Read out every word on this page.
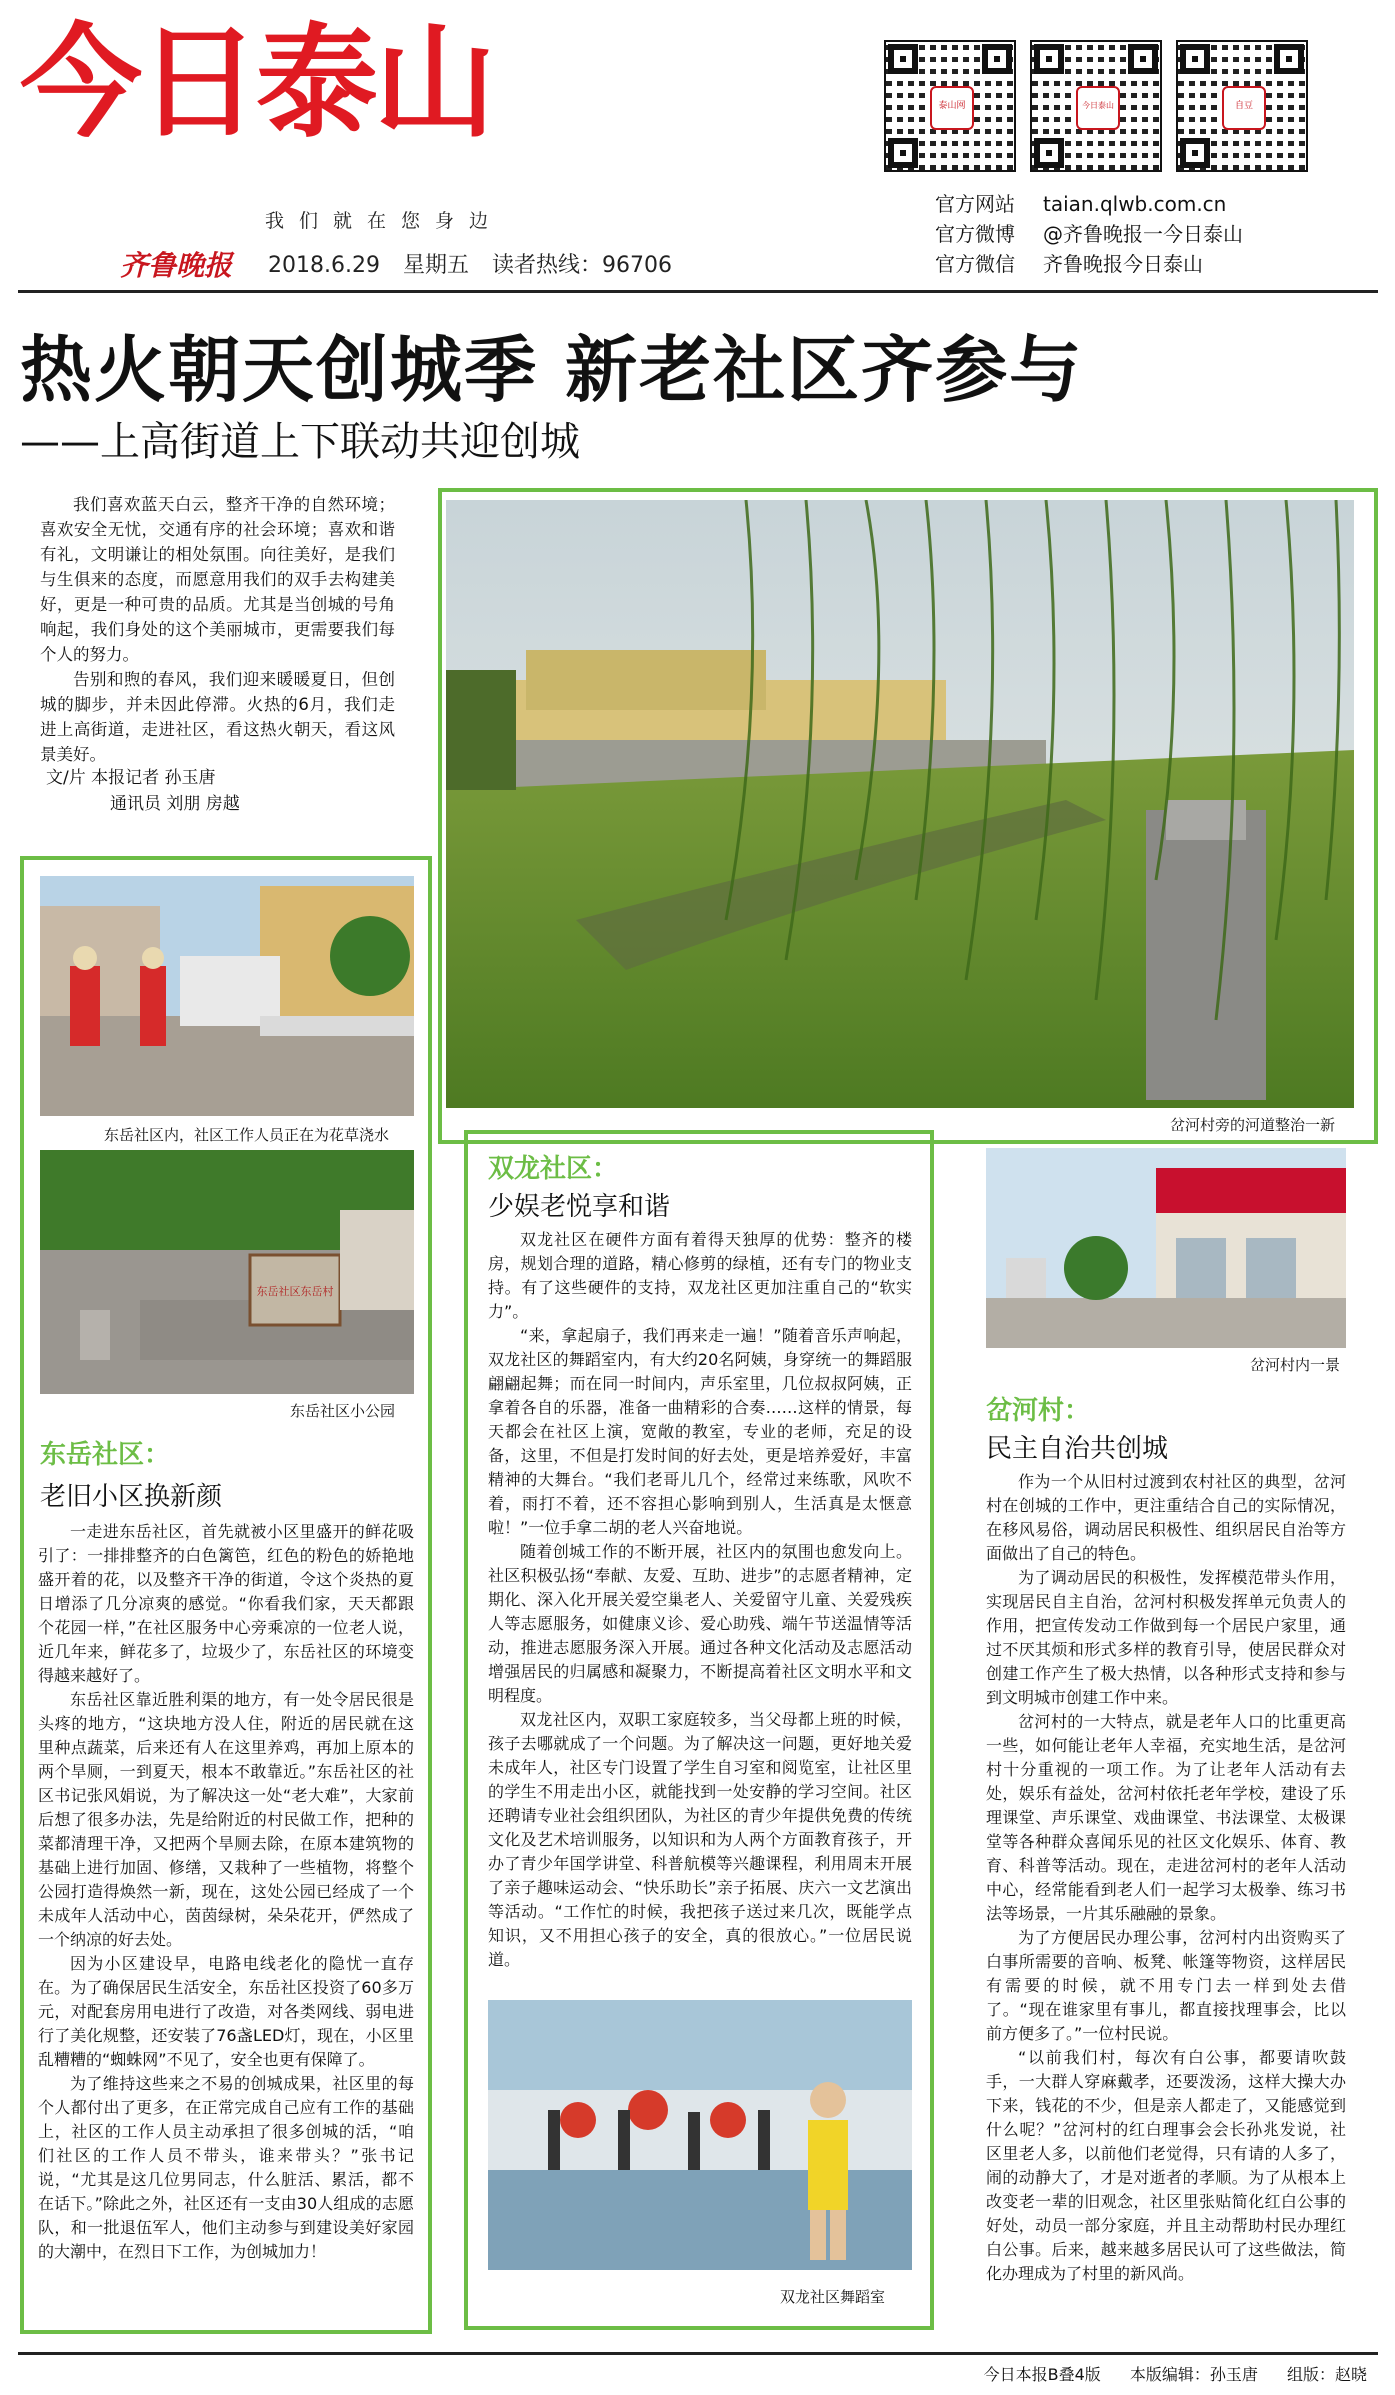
今日泰山
我们就在您身边
齐鲁晚报 2018.6.29 星期五 读者热线：96706
泰山网	今日泰山	自豆
官方网站 taian.qlwb.com.cn
官方微博 @齐鲁晚报一今日泰山
官方微信 齐鲁晚报今日泰山
热火朝天创城季 新老社区齐参与
——上高街道上下联动共迎创城

我们喜欢蓝天白云，整齐干净的自然环境；喜欢安全无忧，交通有序的社会环境；喜欢和谐有礼，文明谦让的相处氛围。向往美好，是我们与生俱来的态度，而愿意用我们的双手去构建美好，更是一种可贵的品质。尤其是当创城的号角响起，我们身处的这个美丽城市，更需要我们每个人的努力。

告别和煦的春风，我们迎来暖暖夏日，但创城的脚步，并未因此停滞。火热的6月，我们走进上高街道，走进社区，看这热火朝天，看这风景美好。

文/片 本报记者 孙玉唐
通讯员 刘朋 房越
岔河村旁的河道整治一新
东岳社区内，社区工作人员正在为花草浇水
东岳社区东岳村
东岳社区小公园
东岳社区：
老旧小区换新颜

一走进东岳社区，首先就被小区里盛开的鲜花吸引了：一排排整齐的白色篱笆，红色的粉色的娇艳地盛开着的花，以及整齐干净的街道，令这个炎热的夏日增添了几分凉爽的感觉。“你看我们家，天天都跟个花园一样，”在社区服务中心旁乘凉的一位老人说，近几年来，鲜花多了，垃圾少了，东岳社区的环境变得越来越好了。

东岳社区靠近胜利渠的地方，有一处令居民很是头疼的地方，“这块地方没人住，附近的居民就在这里种点蔬菜，后来还有人在这里养鸡，再加上原本的两个旱厕，一到夏天，根本不敢靠近。”东岳社区的社区书记张风娟说，为了解决这一处“老大难”，大家前后想了很多办法，先是给附近的村民做工作，把种的菜都清理干净，又把两个旱厕去除，在原本建筑物的基础上进行加固、修缮，又栽种了一些植物，将整个公园打造得焕然一新，现在，这处公园已经成了一个未成年人活动中心，茵茵绿树，朵朵花开，俨然成了一个纳凉的好去处。

因为小区建设早，电路电线老化的隐忧一直存在。为了确保居民生活安全，东岳社区投资了60多万元，对配套房用电进行了改造，对各类网线、弱电进行了美化规整，还安装了76盏LED灯，现在，小区里乱糟糟的“蜘蛛网”不见了，安全也更有保障了。

为了维持这些来之不易的创城成果，社区里的每个人都付出了更多，在正常完成自己应有工作的基础上，社区的工作人员主动承担了很多创城的活，“咱们社区的工作人员不带头，谁来带头？”张书记说，“尤其是这几位男同志，什么脏活、累活，都不在话下。”除此之外，社区还有一支由30人组成的志愿队，和一批退伍军人，他们主动参与到建设美好家园的大潮中，在烈日下工作，为创城加力！

双龙社区：
少娱老悦享和谐

双龙社区在硬件方面有着得天独厚的优势：整齐的楼房，规划合理的道路，精心修剪的绿植，还有专门的物业支持。有了这些硬件的支持，双龙社区更加注重自己的“软实力”。

“来，拿起扇子，我们再来走一遍！”随着音乐声响起，双龙社区的舞蹈室内，有大约20名阿姨，身穿统一的舞蹈服翩翩起舞；而在同一时间内，声乐室里，几位叔叔阿姨，正拿着各自的乐器，准备一曲精彩的合奏……这样的情景，每天都会在社区上演，宽敞的教室，专业的老师，充足的设备，这里，不但是打发时间的好去处，更是培养爱好，丰富精神的大舞台。“我们老哥儿几个，经常过来练歌，风吹不着，雨打不着，还不容担心影响到别人，生活真是太惬意啦！”一位手拿二胡的老人兴奋地说。

随着创城工作的不断开展，社区内的氛围也愈发向上。社区积极弘扬“奉献、友爱、互助、进步”的志愿者精神，定期化、深入化开展关爱空巢老人、关爱留守儿童、关爱残疾人等志愿服务，如健康义诊、爱心助残、端午节送温情等活动，推进志愿服务深入开展。通过各种文化活动及志愿活动增强居民的归属感和凝聚力，不断提高着社区文明水平和文明程度。

双龙社区内，双职工家庭较多，当父母都上班的时候，孩子去哪就成了一个问题。为了解决这一问题，更好地关爱未成年人，社区专门设置了学生自习室和阅览室，让社区里的学生不用走出小区，就能找到一处安静的学习空间。社区还聘请专业社会组织团队，为社区的青少年提供免费的传统文化及艺术培训服务，以知识和为人两个方面教育孩子，开办了青少年国学讲堂、科普航模等兴趣课程，利用周末开展了亲子趣味运动会、“快乐助长”亲子拓展、庆六一文艺演出等活动。“工作忙的时候，我把孩子送过来几次，既能学点知识，又不用担心孩子的安全，真的很放心。”一位居民说道。

双龙社区舞蹈室
岔河村内一景
岔河村：
民主自治共创城

作为一个从旧村过渡到农村社区的典型，岔河村在创城的工作中，更注重结合自己的实际情况，在移风易俗，调动居民积极性、组织居民自治等方面做出了自己的特色。

为了调动居民的积极性，发挥模范带头作用，实现居民自主自治，岔河村积极发挥单元负责人的作用，把宣传发动工作做到每一个居民户家里，通过不厌其烦和形式多样的教育引导，使居民群众对创建工作产生了极大热情，以各种形式支持和参与到文明城市创建工作中来。

岔河村的一大特点，就是老年人口的比重更高一些，如何能让老年人幸福，充实地生活，是岔河村十分重视的一项工作。为了让老年人活动有去处，娱乐有益处，岔河村依托老年学校，建设了乐理课堂、声乐课堂、戏曲课堂、书法课堂、太极课堂等各种群众喜闻乐见的社区文化娱乐、体育、教育、科普等活动。现在，走进岔河村的老年人活动中心，经常能看到老人们一起学习太极拳、练习书法等场景，一片其乐融融的景象。

为了方便居民办理公事，岔河村内出资购买了白事所需要的音响、板凳、帐篷等物资，这样居民有需要的时候，就不用专门去一样到处去借了。“现在谁家里有事儿，都直接找理事会，比以前方便多了。”一位村民说。

“以前我们村，每次有白公事，都要请吹鼓手，一大群人穿麻戴孝，还要泼汤，这样大操大办下来，钱花的不少，但是亲人都走了，又能感觉到什么呢？”岔河村的红白理事会会长孙兆发说，社区里老人多，以前他们老觉得，只有请的人多了，闹的动静大了，才是对逝者的孝顺。为了从根本上改变老一辈的旧观念，社区里张贴简化红白公事的好处，动员一部分家庭，并且主动帮助村民办理红白公事。后来，越来越多居民认可了这些做法，简化办理成为了村里的新风尚。

今日本报B叠4版 本版编辑：孙玉唐 组版：赵晓
